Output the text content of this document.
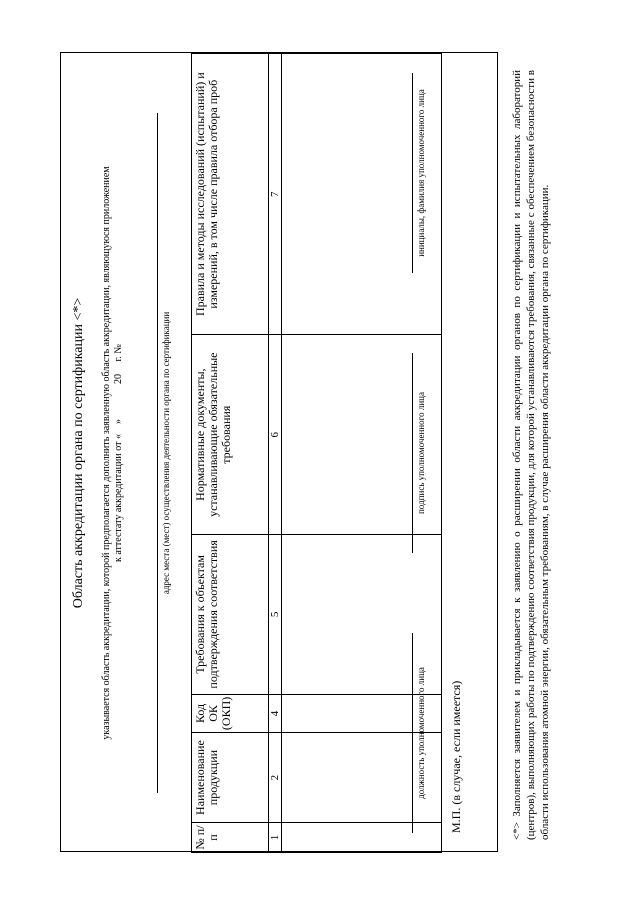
Область аккредитации органа по сертификации <*> указывается область аккредитации, которой предполагается дополнить заявленную область аккредитации, являющуюся приложением к аттестату аккредитации от «    »              20     г. №	адрес места (мест) осуществления деятельности органа по сертификации
№ п/п	Наименование продукции	Код ОК (ОКП)	Требования к объектам подтверждения соответствия	Нормативные документы, устанавливающие обязательные требования	Правила и методы исследований (испытаний) и измерений, в том числе правила отбора проб
1	2	4	5	6	7

должность уполномоченного лица
подпись уполномоченного лица
инициалы, фамилия уполномоченного лица
М.П. (в случае, если имеется)	<*> Заполняется заявителем и прикладывается к заявлению о расширении области аккредитации органов по сертификации и испытательных лабораторий (центров), выполняющих работы по подтверждению соответствия продукции, для которой устанавливаются требования, связанные с обеспечением безопасности в области использования атомной энергии, обязательным требованиям, в случае расширения области аккредитации органа по сертификации.
